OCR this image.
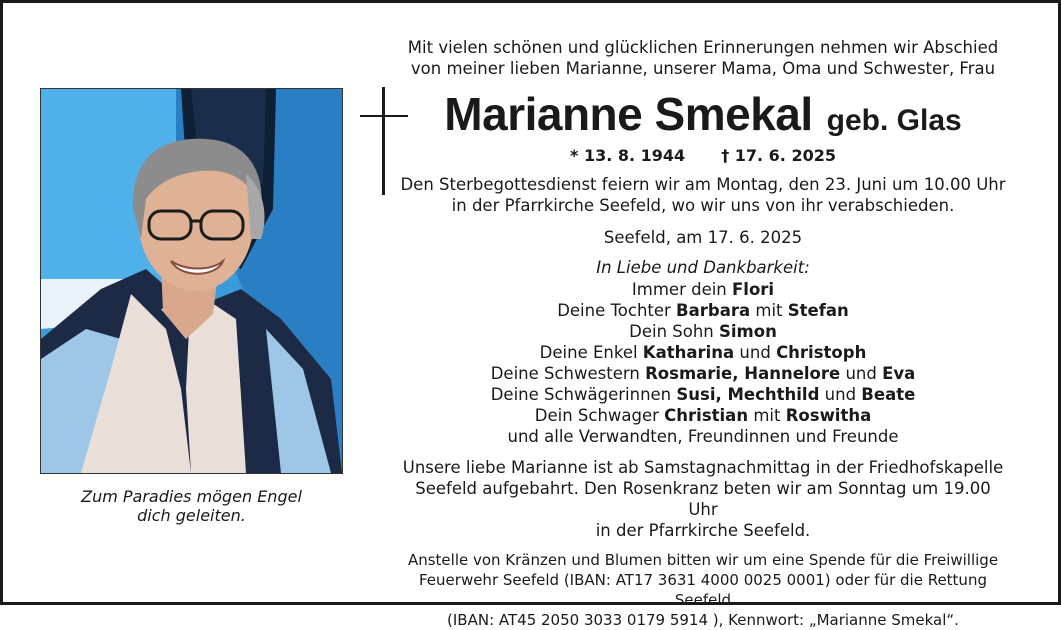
Zum Paradies mögen Engel
dich geleiten.
Mit vielen schönen und glücklichen Erinnerungen nehmen wir Abschied
von meiner lieben Marianne, unserer Mama, Oma und Schwester, Frau
Marianne Smekal geb. Glas
* 13. 8. 1944 † 17. 6. 2025
Den Sterbegottesdienst feiern wir am Montag, den 23. Juni um 10.00 Uhr
in der Pfarrkirche Seefeld, wo wir uns von ihr verabschieden.
Seefeld, am 17. 6. 2025
In Liebe und Dankbarkeit:
Immer dein Flori
Deine Tochter Barbara mit Stefan
Dein Sohn Simon
Deine Enkel Katharina und Christoph
Deine Schwestern Rosmarie, Hannelore und Eva
Deine Schwägerinnen Susi, Mechthild und Beate
Dein Schwager Christian mit Roswitha
und alle Verwandten, Freundinnen und Freunde
Unsere liebe Marianne ist ab Samstagnachmittag in der Friedhofskapelle
Seefeld aufgebahrt. Den Rosenkranz beten wir am Sonntag um 19.00 Uhr
in der Pfarrkirche Seefeld.
Anstelle von Kränzen und Blumen bitten wir um eine Spende für die Freiwillige
Feuerwehr Seefeld (IBAN: AT17 3631 4000 0025 0001) oder für die Rettung Seefeld
(IBAN: AT45 2050 3033 0179 5914 ), Kennwort: „Marianne Smekal“.
